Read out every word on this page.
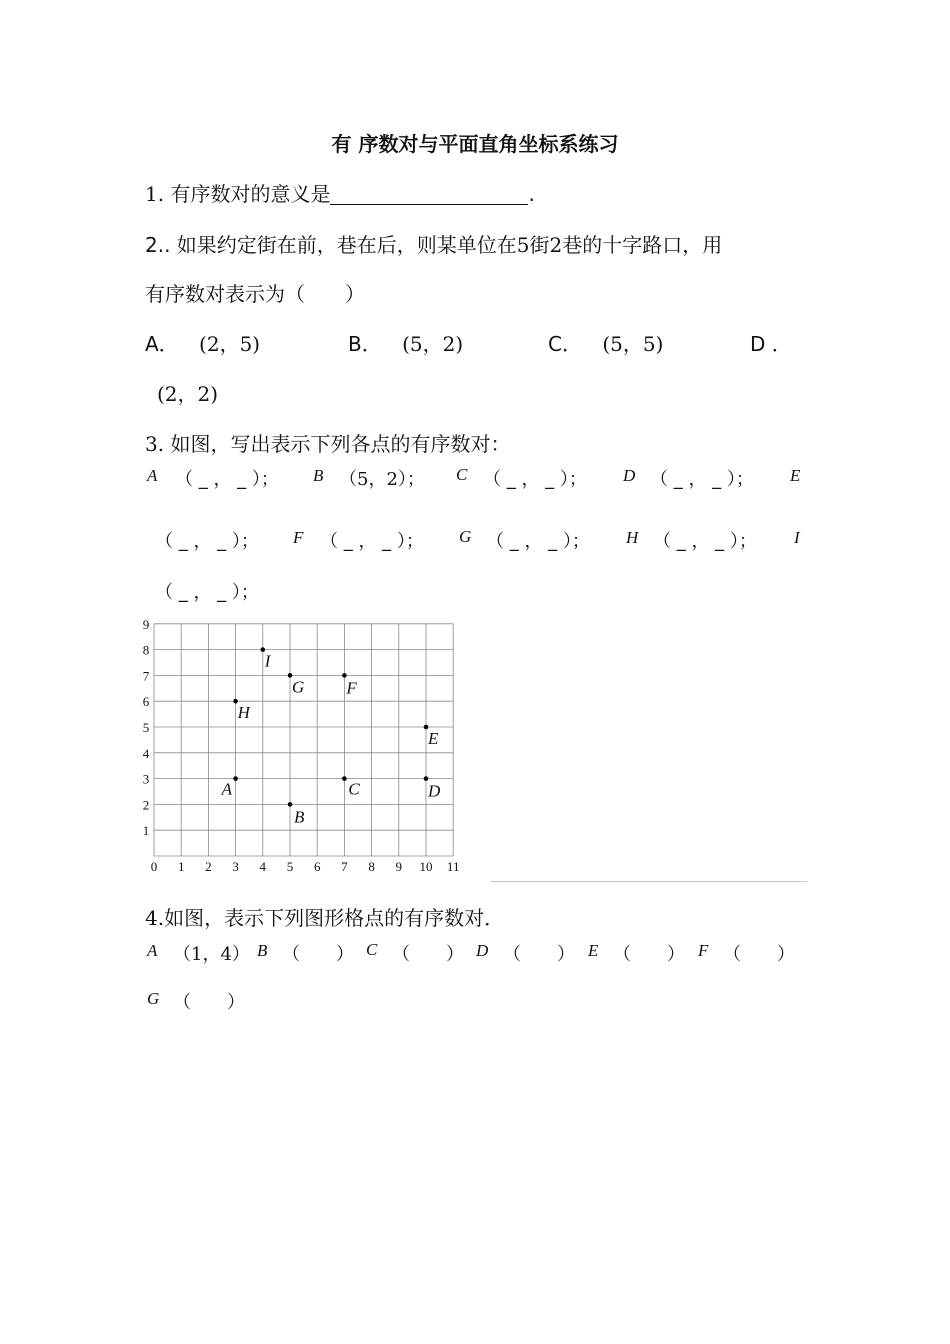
有 序数对与平面直角坐标系练习
1. 有序数对的意义是	.
2.. 如果约定街在前，巷在后，则某单位在5街2巷的十字路口，用
有序数对表示为（　　）
A． (2，5)	B． (5，2)	C． (5，5)	D ．
(2，2)
3. 如图，写出表示下列各点的有序数对：
A （ _ ， _ ）； B （5，2）； C （ _ ， _ ）； D （ _ ， _ ）； E
（ _ ， _ ）； F （ _ ， _ ）； G （ _ ， _ ）； H （ _ ， _ ）； I
（ _ ， _ ）；
0 1 2 3 4 5 6 7 8 9 10 11
1
2
3
4
5
6
7
8
9
A
B
C	D
E
F
G
H
I
4.如图，表示下列图形格点的有序数对．
A （1，4） B （　　） C （　　） D （　　） E （　　） F （　　）
G （　　）
